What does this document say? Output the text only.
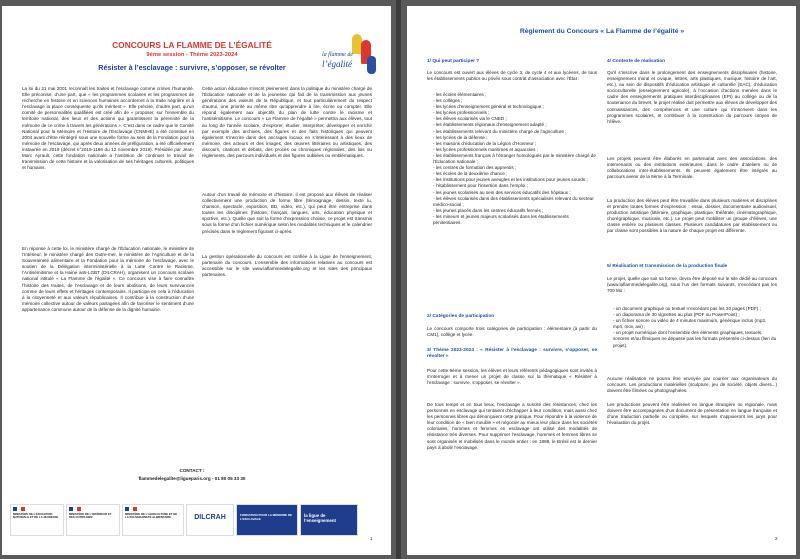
CONCOURS LA FLAMME DE L’ÉGALITÉ

9ème session - Thème 2023-2024

Résister à l’esclavage : survivre, s’opposer, se révolter

la flamme de
l’égalité

La loi du 21 mai 2001 reconnaît les traites et l’esclavage comme crimes l’humanité. Elle préconise, d’une part, que « les programmes scolaires et les programmes de recherche en histoire et en sciences humaines accorderont à la traite négrière et à l’esclavage la place conséquente qu’ils méritent ». Elle précise, d’autre part, qu’un comité de personnalités qualifiées est créé afin de « proposer, sur l’ensemble du territoire national, des lieux et des actions qui garantissent la pérennité de la mémoire de ce crime à travers les générations ». C’est dans ce cadre que le Comité National pour la Mémoire et l’Histoire de l’Esclavage (CNMHE) a été constitué en 2004 avant d’être réintégré sous une nouvelle forme au sein de la Fondation pour la mémoire de l’esclavage, qui après deux années de préfiguration, a été officiellement instaurée en 2019 (décret n°2019-1166 du 12 novembre 2019). Présidée par Jean-Marc Ayrault, cette fondation nationale a l’ambition de continuer le travail de transmission de cette histoire et la valorisation de ses héritages culturels, politiques et humains.

En réponse à cette loi, le ministère chargé de l’Éducation nationale, le ministère de l’Intérieur, le ministère chargé des Outre-mer, le ministère de l’Agriculture et de la Souveraineté alimentaire et la Fondation pour la mémoire de l’esclavage, avec le soutien de la Délégation interministérielle à la Lutte Contre le Racisme, l’Antisémitisme et la Haine anti-LGBT (DILCRAH), organisent un concours scolaire national intitulé « La Flamme de l’égalité ». Ce concours vise à faire connaître l’histoire des traites, de l’esclavage et de leurs abolitions, de leurs survivances comme de leurs effets et héritages contemporains. Il participe en cela à l’éducation à la citoyenneté et aux valeurs républicaines. Il contribue à la construction d’une mémoire collective autour de valeurs partagées afin de favoriser le sentiment d’une appartenance commune autour de la défense de la dignité humaine.

Cette action éducative s’inscrit pleinement dans la politique du ministère chargé de l’Éducation nationale et de la jeunesse qui fait de la transmission aux jeunes générations des valeurs de la République, et tout particulièrement du respect d’autrui, une priorité au même titre qu’apprendre à lire, écrire ou compter. Elle répond également aux objectifs du plan de lutte contre le racisme et l’antisémitisme. Le concours « La Flamme de l’égalité » permettra aux élèves, tout au long de l’année scolaire, d’explorer, étudier, interpréter, développer et enrichir par exemple des archives, des figures et des faits historiques qui peuvent également s’inscrire dans des ancrages locaux en s’intéressant à des lieux de mémoire, des acteurs et des images, des œuvres littéraires ou artistiques, des discours, citations et débats, des procès ou chroniques régionales, des lois ou règlements, des parcours individuels et des figures oubliées ou emblématiques.

Autour d’un travail de mémoire et d’histoire, il est proposé aux élèves de réaliser collectivement une production de forme libre (témoignage, dessin, texte lu, chanson, spectacle, exposition, BD, vidéo, etc.), qui peut être entreprise dans toutes les disciplines (histoire, français, langues, arts, éducation physique et sportive, etc.). Quelle que soit la forme d’expression choisie, ce projet est transmis sous la forme d’un fichier numérique selon les modalités techniques et le calendrier précisés dans le règlement figurant ci-après.

La gestion opérationnelle du concours est confiée à la Ligue de l’enseignement, partenaire du concours. L’ensemble des informations relatives au concours est accessible sur le site www.laflammedelegalite.org et les sites des principaux partenaires.

CONTACT :

flammedelegalite@ligueparis.org - 01 80 05 33 30

MINISTÈRE DE L’ÉDUCATION NATIONALE ET DE LA JEUNESSE
MINISTÈRE DE L’INTÉRIEUR ET DES OUTRE-MER
MINISTÈRE DE L’AGRICULTURE ET DE LA SOUVERAINETÉ ALIMENTAIRE	DILCRAH	FONDATION POUR LA MÉMOIRE DE L’ESCLAVAGE
la ligue de l’enseignement
1

Règlement du Concours « La Flamme de l’égalité »

1/ Qui peut participer ?

Le concours est ouvert aux élèves de cycle 3, de cycle 4 et aux lycéens, de tous les établissements publics ou privés sous contrat d’association avec l’État :

- les écoles élémentaires ;
- les collèges ;
- les lycées d’enseignement général et technologique ;
- les lycées professionnels ;
- les élèves scolarisés via le CNED ;
- les établissements régionaux d’enseignement adapté ;
- les établissements relevant du ministère chargé de l’agriculture ;
- les lycées de la défense ;
- les maisons d’éducation de la Légion d’Honneur ;
- les lycées professionnels maritimes et aquacoles ;
- les établissements français à l’étranger homologués par le ministère chargé de l’Éducation nationale ;
- les centres de formation des apprentis ;
- les écoles de la deuxième chance ;
- les institutions pour jeunes aveugles et les institutions pour jeunes sourds ;
- l’établissement pour l’insertion dans l’emploi ;
- les jeunes scolarisés au sein des services éducatifs des hôpitaux ;
- les élèves scolarisés dans des établissements spécialisés relevant du secteur médico-social ;
- les jeunes placés dans les centres éducatifs fermés ;
- les mineurs et jeunes majeurs scolarisés dans les établissements pénitentiaires.

2/ Catégories de participation

Le concours comporte trois catégories de participation : élémentaire (à partir du CM1), collège et lycée.

3/ Thème 2023-2024 : « Résister à l’esclavage : survivre, s’opposer, se révolter »

Pour cette 9ème session, les élèves et leurs référents pédagogiques sont invités à s’interroger et à mener un projet de classe sur la thématique « Résister à l’esclavage : survivre, s’opposer, se révolter ».

De tous temps et en tous lieux, l’esclavage a suscité des résistances, chez les personnes en esclavage qui tentaient d’échapper à leur condition, mais aussi chez les personnes libres qui dénonçaient cette pratique. Pour répondre à la violence de leur condition de « bien meuble » et négocier au mieux leur place dans les sociétés coloniales, hommes et femmes en esclavage ont utilisé des modalités de résistance très diverses. Pour supprimer l’esclavage, hommes et femmes libres se sont organisés et mobilisés dans le monde entier : en 1888, le Brésil est le dernier pays à abolir l’esclavage.

4/ Contexte de réalisation

Qu’il s’inscrive dans le prolongement des enseignements disciplinaires (histoire, enseignement moral et civique, lettres, arts plastiques, musique, histoire de l’art, etc.), au sein de dispositifs d’éducation artistique et culturelle (EAC), d’éducation socioculturelle (enseignement agricole), à l’occasion d’actions menées dans le cadre des enseignements pratiques interdisciplinaires (EPI) au collège ou de la soutenance du brevet, le projet réalisé doit permettre aux élèves de développer des connaissances, des compétences et une culture qui s’inscrivent dans les programmes scolaires, et contribuer à la construction du parcours citoyen de l’élève.

Les projets peuvent être élaborés en partenariat avec des associations, des intervenants ou des institutions extérieures, dans le cadre d’ateliers ou de collaborations inter-établissements. Ils peuvent également être intégrés au parcours avenir de la 6ème à la Terminale.

La production des élèves peut être travaillée dans plusieurs matières et disciplines et prendre toutes formes d’expression : essai, dossier, documentaire audiovisuel, production artistique (littéraire, graphique, plastique, théâtrale, cinématographique, chorégraphique, musicale, etc.). Le projet peut mobiliser un groupe d’élèves, une classe entière ou plusieurs classes. Plusieurs candidatures par établissement ou par classe sont possibles à la nature de chaque projet est différente.

5/ Réalisation et transmission de la production finale

Le projet, quelle que soit sa forme, devra être déposé sur le site dédié au concours (www.laflammedelegalite.org), sous l’un des formats suivants, n’excédant pas les 700 Mo :

- un document graphique ou textuel n’excédant pas les 20 pages (PDF) ;
- un diaporama de 30 vignettes au plus (PDF ou PowerPoint) ;
- un fichier sonore ou vidéo de 4 minutes maximum, générique inclus (mp3, mp4, mov, avi) ;
- un projet numérique dont l’ensemble des éléments graphiques, textuels, sonores et/ou filmiques ne dépasse pas les formats présentés ci-dessus (lien du projet).

Aucune réalisation ne pourra être envoyée par courrier aux organisateurs du concours. Les productions matérielles (sculpture, jeu de société, objets divers...) doivent être filmées ou photographiées.

Les productions peuvent être réalisées en langue étrangère ou régionale, mais doivent être accompagnées d’un document de présentation en langue française et d’une traduction partielle ou complète, sur lesquels s’appuieront les jurys pour l’évaluation du projet.

2
